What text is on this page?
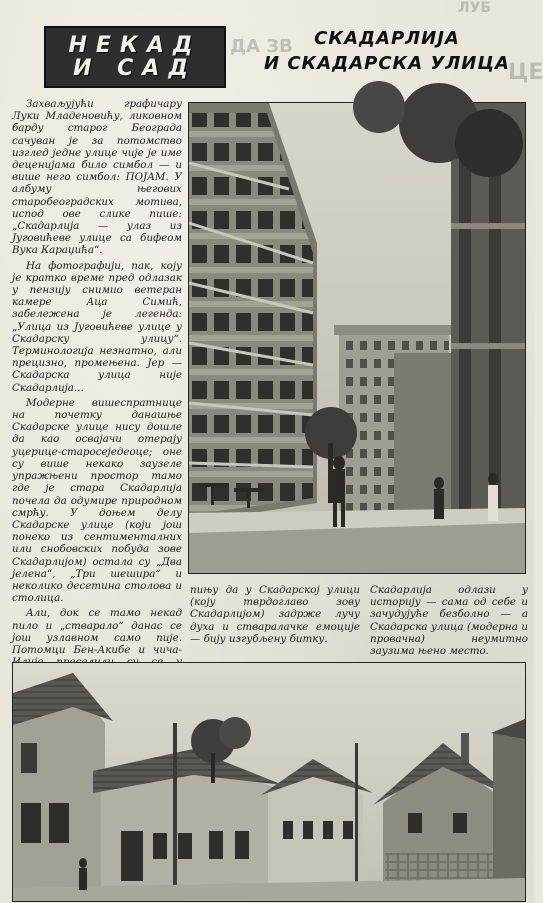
ЛУБ
ЦЕ
ДА ЗВ
НЕКАД
И САД
СКАДАРЛИЈА
И СКАДАРСКА УЛИЦА

Захваљујући графичару Луки Младеновићу, ликовном барду старог Београда сачуван је за потомство изглед једне улице чије је име деценијама било симбол — и више него симбол: ПОЈАМ. У албуму његових старобеоградских мотива, испод ове слике пише: „Скадарлија — улаз из Југовићеве улице са бифеом Вука Караџића“.

На фотографији, пак, коју је кратко време пред одлазак у пензију снимио ветеран камере Аца Симић, забележена је легенда: „Улица из Југовићеве улице у Скадарску улицу“. Терминологија незнатно, али прецизно, промењена. Јер — Скадарска улица није Скадарлија...

Модерне вишеспратнице на почетку данашње Скадарске улице нису дошле да као освајачи отерају уцерице-старосеједеоце; оне су више некако заузеле упражњени простор тамо где је стара Скадарлија почела да одумире природном смрћу. У доњем делу Скадарске улице (који још понеко из сентименталних или снобовских побуда зове Скадарлијом) остала су „Два јелена“, „Три шешира“ и неколико десетина столова и столица.

Али, док се тамо некад пило и „стварало“ данас се још узлавном само пије. Потомци Бен-Акибе и чича-

пињу да у Скадарској улици (коју тврдоглаво зову Скадарлијом) задрже лучу духа и стваралачке емоције — бију изгубљену битку.

Скадарлија одлази у историју — сама од себе и зачудујуће безболно — а Скадарска улица (модерна и провачна) неумитно заузима њено место.
